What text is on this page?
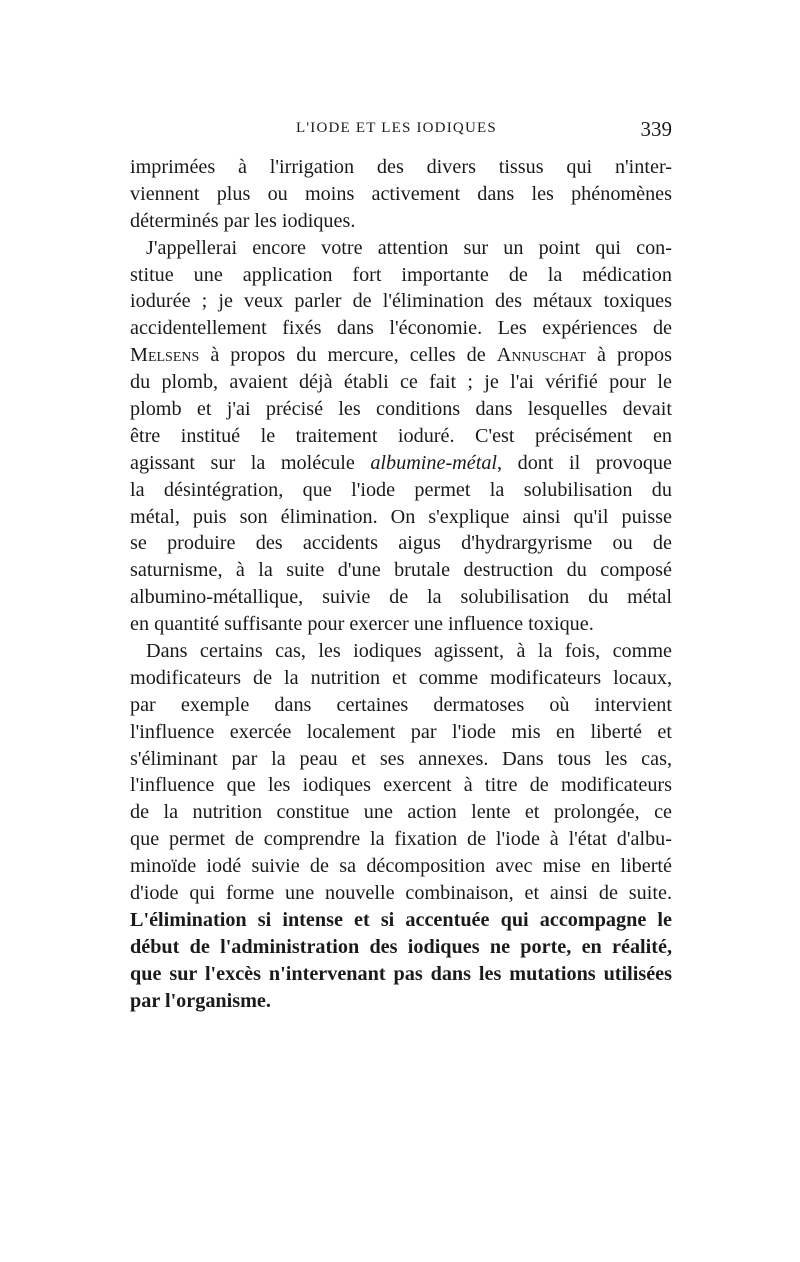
L'IODE ET LES IODIQUES	339
imprimées à l'irrigation des divers tissus qui n'inter-
viennent plus ou moins activement dans les phénomènes
déterminés par les iodiques.
J'appellerai encore votre attention sur un point qui con-
stitue une application fort importante de la médication
iodurée ; je veux parler de l'élimination des métaux toxiques
accidentellement fixés dans l'économie. Les expériences de
Melsens à propos du mercure, celles de Annuschat à propos
du plomb, avaient déjà établi ce fait ; je l'ai vérifié pour le
plomb et j'ai précisé les conditions dans lesquelles devait
être institué le traitement ioduré. C'est précisément en
agissant sur la molécule albumine-métal, dont il provoque
la désintégration, que l'iode permet la solubilisation du
métal, puis son élimination. On s'explique ainsi qu'il puisse
se produire des accidents aigus d'hydrargyrisme ou de
saturnisme, à la suite d'une brutale destruction du composé
albumino-métallique, suivie de la solubilisation du métal
en quantité suffisante pour exercer une influence toxique.
Dans certains cas, les iodiques agissent, à la fois, comme
modificateurs de la nutrition et comme modificateurs locaux,
par exemple dans certaines dermatoses où intervient
l'influence exercée localement par l'iode mis en liberté et
s'éliminant par la peau et ses annexes. Dans tous les cas,
l'influence que les iodiques exercent à titre de modificateurs
de la nutrition constitue une action lente et prolongée, ce
que permet de comprendre la fixation de l'iode à l'état d'albu-
minoïde iodé suivie de sa décomposition avec mise en liberté
d'iode qui forme une nouvelle combinaison, et ainsi de suite.
L'élimination si intense et si accentuée qui accompagne le
début de l'administration des iodiques ne porte, en réalité,
que sur l'excès n'intervenant pas dans les mutations utilisées
par l'organisme.
